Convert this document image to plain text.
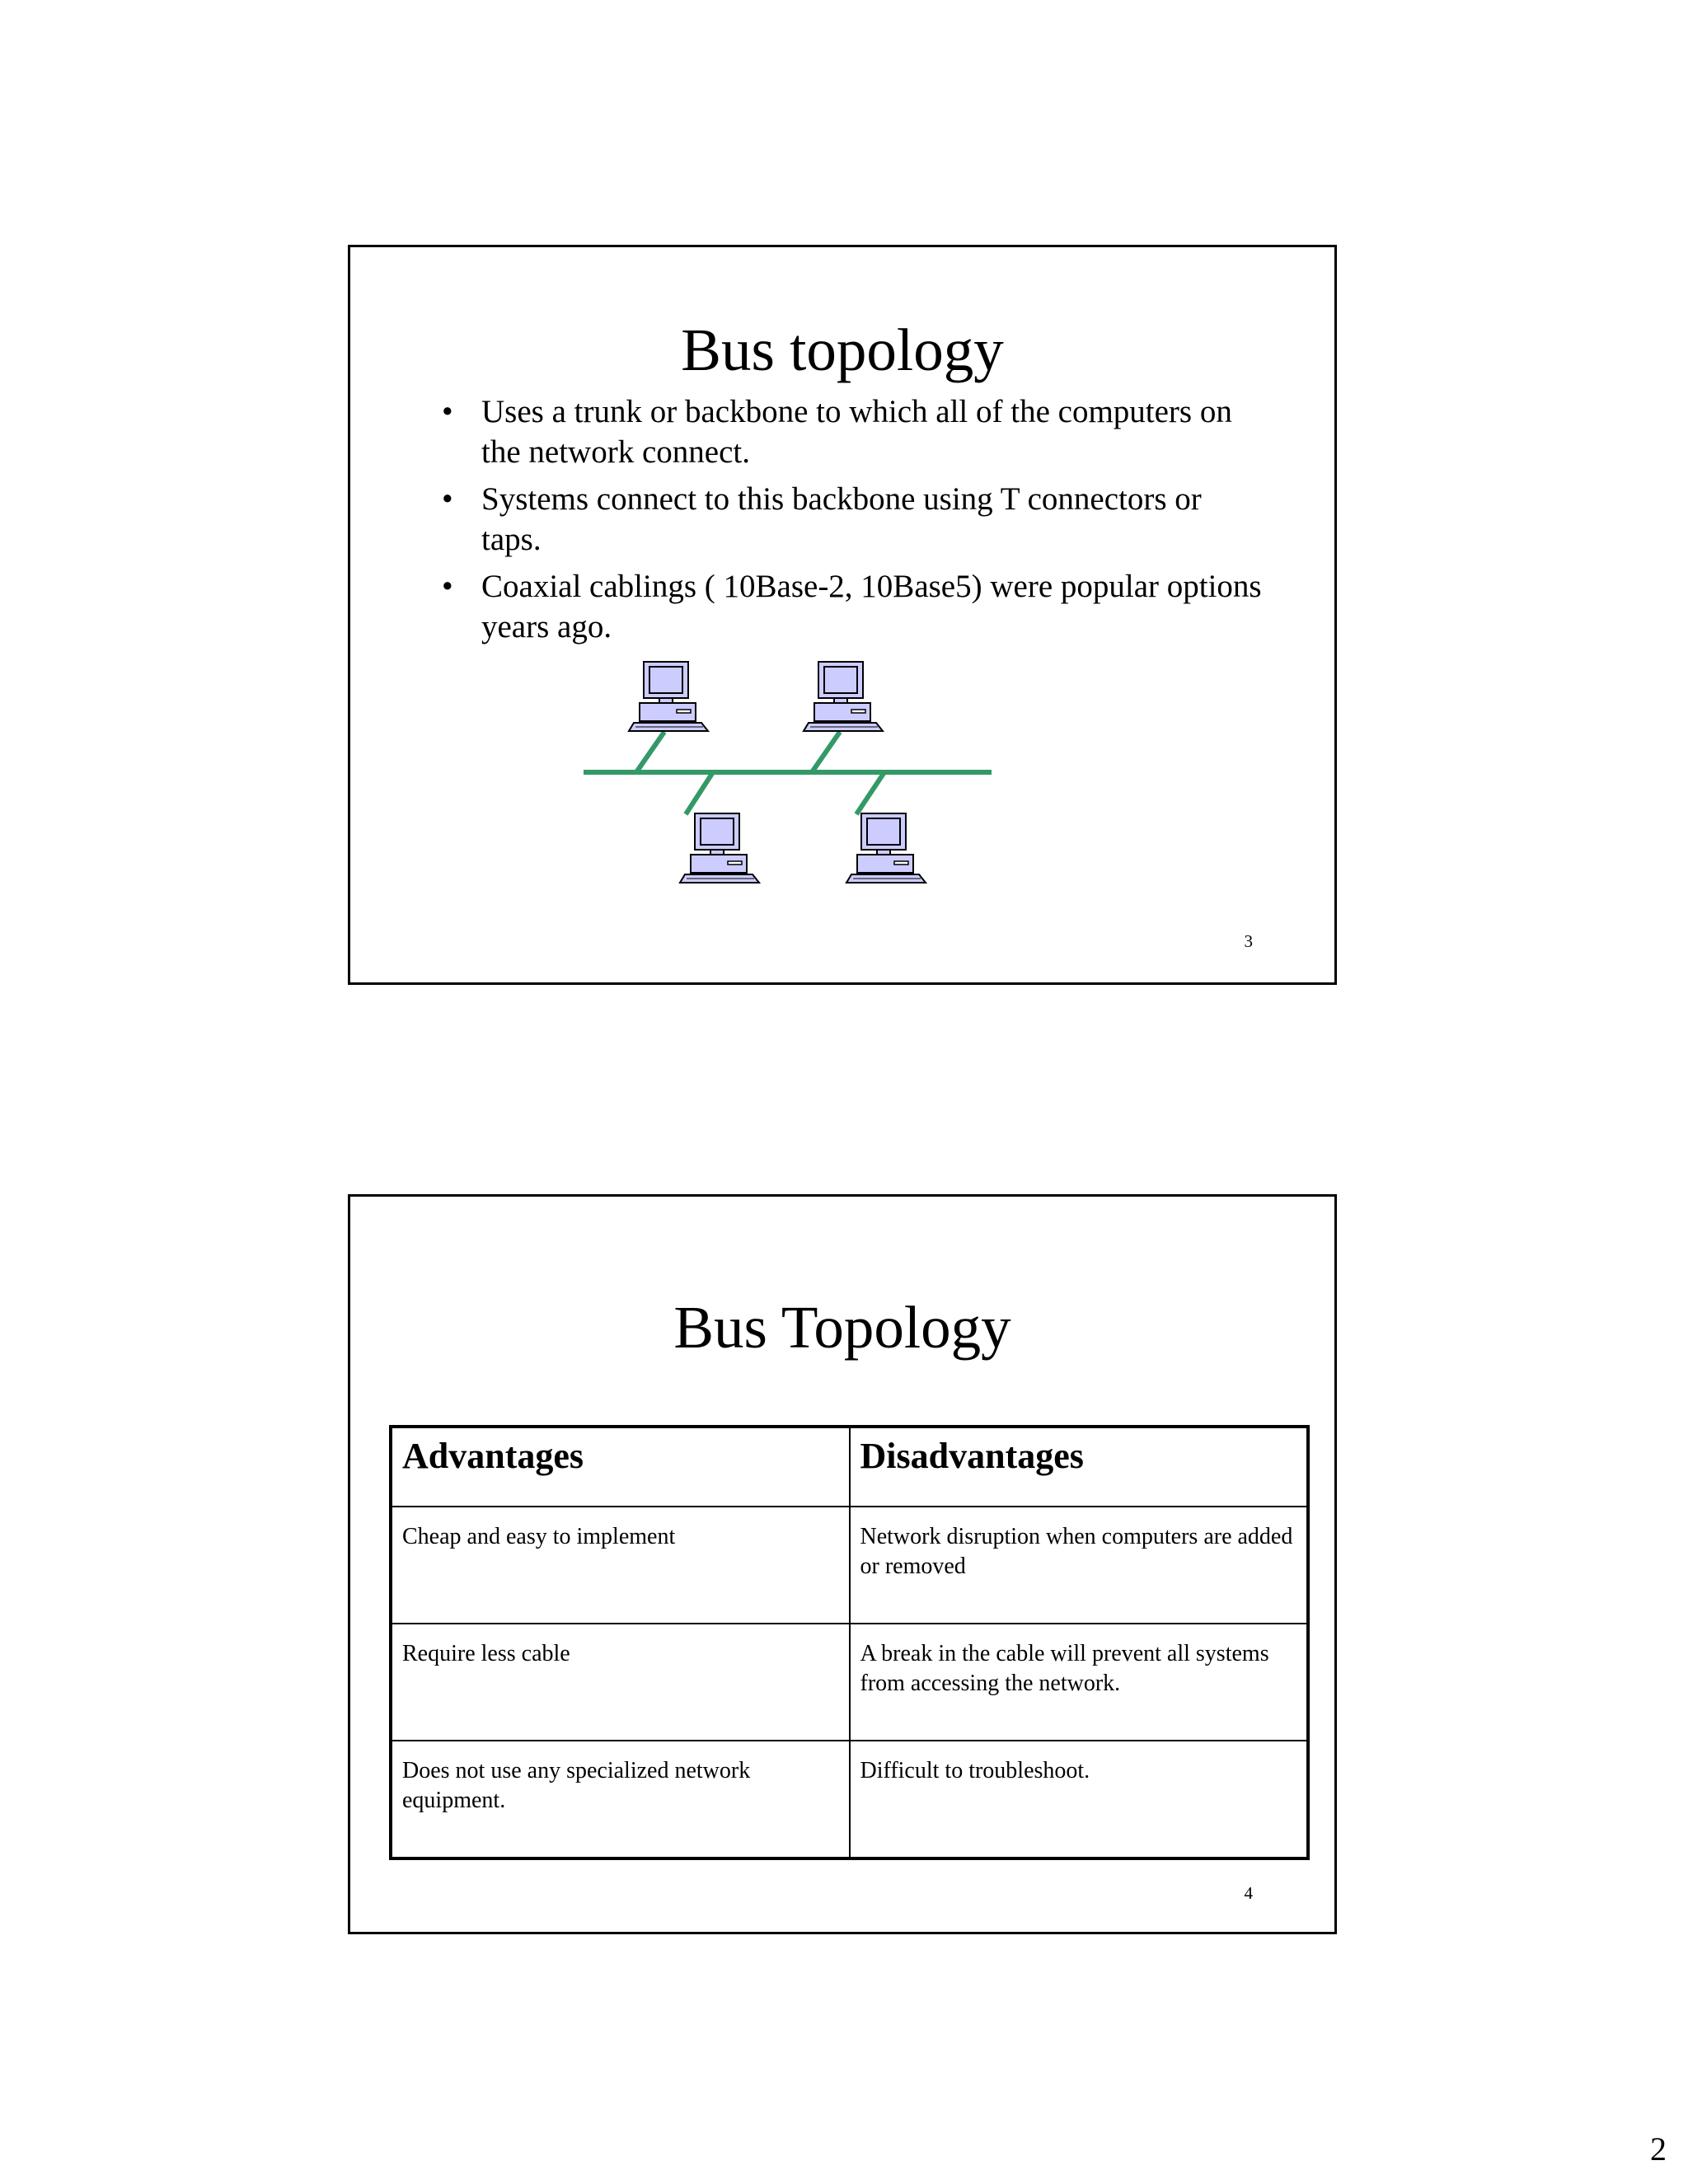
Bus topology
• Uses a trunk or backbone to which all of the computers on the network connect.
• Systems connect to this backbone using T connectors or taps.
• Coaxial cablings ( 10Base-2, 10Base5) were popular options years ago.
3
Bus Topology
Advantages	Disadvantages
Cheap and easy to implement	Network disruption when computers are added or removed
Require less cable	A break in the cable will prevent all systems from accessing the network.
Does not use any specialized network equipment.	Difficult to troubleshoot.
4
2
